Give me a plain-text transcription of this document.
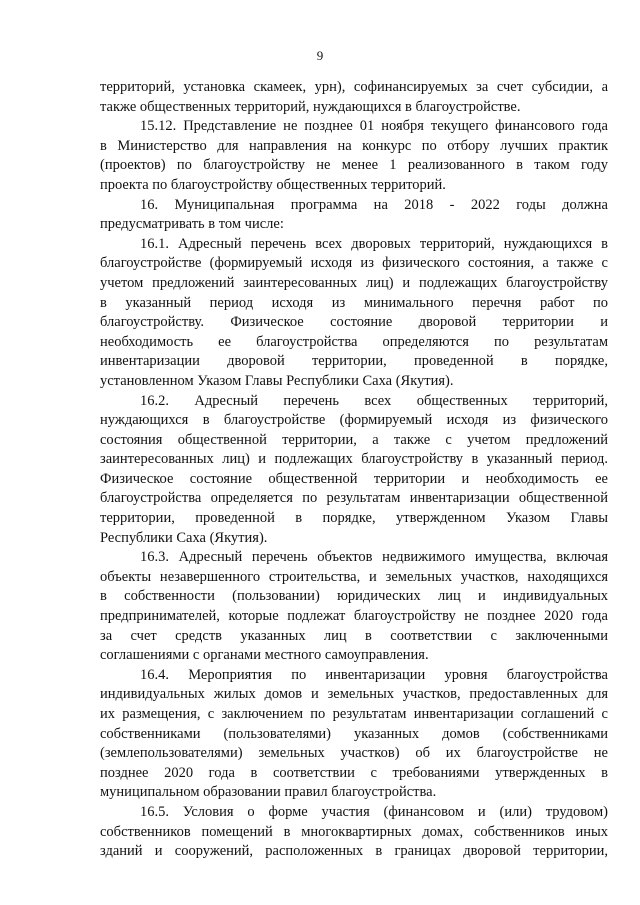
9
территорий, установка скамеек, урн), софинансируемых за счет субсидии, а
также общественных территорий, нуждающихся в благоустройстве.
15.12. Представление не позднее 01 ноября текущего финансового года
в Министерство для направления на конкурс по отбору лучших практик
(проектов) по благоустройству не менее 1 реализованного в таком году
проекта по благоустройству общественных территорий.
16. Муниципальная программа на 2018 - 2022 годы должна
предусматривать в том числе:
16.1. Адресный перечень всех дворовых территорий, нуждающихся в
благоустройстве (формируемый исходя из физического состояния, а также с
учетом предложений заинтересованных лиц) и подлежащих благоустройству
в указанный период исходя из минимального перечня работ по
благоустройству. Физическое состояние дворовой территории и
необходимость ее благоустройства определяются по результатам
инвентаризации дворовой территории, проведенной в порядке,
установленном Указом Главы Республики Саха (Якутия).
16.2. Адресный перечень всех общественных территорий,
нуждающихся в благоустройстве (формируемый исходя из физического
состояния общественной территории, а также с учетом предложений
заинтересованных лиц) и подлежащих благоустройству в указанный период.
Физическое состояние общественной территории и необходимость ее
благоустройства определяется по результатам инвентаризации общественной
территории, проведенной в порядке, утвержденном Указом Главы
Республики Саха (Якутия).
16.3. Адресный перечень объектов недвижимого имущества, включая
объекты незавершенного строительства, и земельных участков, находящихся
в собственности (пользовании) юридических лиц и индивидуальных
предпринимателей, которые подлежат благоустройству не позднее 2020 года
за счет средств указанных лиц в соответствии с заключенными
соглашениями с органами местного самоуправления.
16.4. Мероприятия по инвентаризации уровня благоустройства
индивидуальных жилых домов и земельных участков, предоставленных для
их размещения, с заключением по результатам инвентаризации соглашений с
собственниками (пользователями) указанных домов (собственниками
(землепользователями) земельных участков) об их благоустройстве не
позднее 2020 года в соответствии с требованиями утвержденных в
муниципальном образовании правил благоустройства.
16.5. Условия о форме участия (финансовом и (или) трудовом)
собственников помещений в многоквартирных домах, собственников иных
зданий и сооружений, расположенных в границах дворовой территории,
